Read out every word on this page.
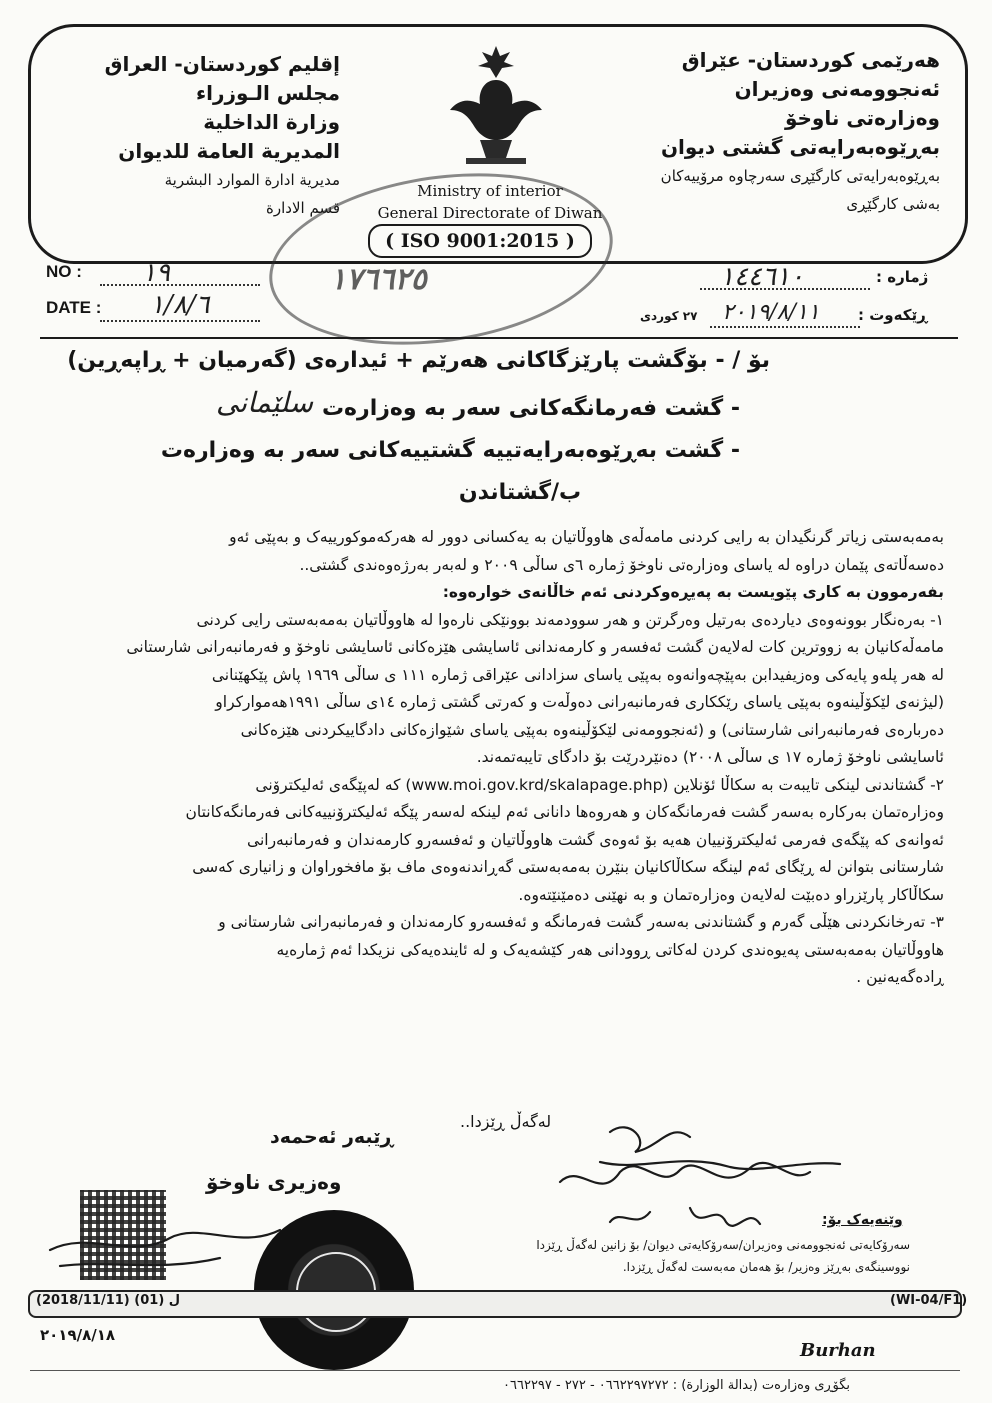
إقليم كوردستان- العراق
مجلس الـوزراء
وزارة الداخلية
المديرية العامة للديوان
مديرية ادارة الموارد البشرية
قسم الادارة
هەرێمی کوردستان- عێراق
ئەنجوومەنی وەزیران
وەزارەتی ناوخۆ
بەڕێوەبەرایەتی گشتی دیوان
بەڕێوەبەرایەتی کارگێڕی سەرچاوە مرۆییەکان
بەشی کارگێڕی
Ministry of interior
General Directorate of Diwan
١٧٦٦٢٥
( ISO 9001:2015 )
NO : ١٩
DATE : ١/٨/٦
ژمارە :
١٤٤٦١٠
ڕێکەوت :
٢٠١٩/٨/١١
٢٧ کوردی
بۆ / - بۆگشت پارێزگاکانی هەرێم + ئیدارەی (گەرمیان + ڕاپەڕین)
- گشت فەرمانگەکانی سەر بە وەزارەت
سلێمانی
- گشت بەڕێوەبەرایەتییە گشتییەکانی سەر بە وەزارەت
ب/گشتاندن
بەمەبەستی زیاتر گرنگیدان بە رایی کردنی مامەڵەی هاووڵاتیان بە یەکسانی دوور لە هەرکەموکورییەک و بەپێی ئەو
دەسەڵاتەی پێمان دراوە لە یاسای وەزارەتی ناوخۆ ژمارە ٦ی ساڵی ٢٠٠٩ و لەبەر بەرژەوەندی گشتی..
بفەرموون بە کاری پێویست بە پەیڕەوکردنی ئەم خاڵانەی خوارەوە:
١- بەرەنگار بوونەوەی دیاردەی بەرتیل وەرگرتن و هەر سوودمەند بوونێکی نارەوا لە هاووڵاتیان بەمەبەستی رایی کردنی
مامەڵەکانیان بە زووترین کات لەلایەن گشت ئەفسەر و کارمەندانی ئاسایشی هێزەکانی ئاسایشی ناوخۆ و فەرمانبەرانی شارستانی
لە هەر پلەو پایەکی وەزیفیدابن بەپێچەوانەوە بەپێی یاسای سزادانی عێراقی ژمارە ١١١ ی ساڵی ١٩٦٩ پاش پێکهێنانی
(لیژنەی لێکۆڵینەوە بەپێی یاسای رێککاری فەرمانبەرانی دەوڵەت و کەرتی گشتی ژمارە ١٤ی ساڵی ١٩٩١هەموارکراو
دەربارەی فەرمانبەرانی شارستانی) و (ئەنجوومەنی لێکۆڵینەوە بەپێی یاسای شێوازەکانی دادگاییکردنی هێزەکانی
ئاسایشی ناوخۆ ژمارە ١٧ ی ساڵی ٢٠٠٨) دەنێردرێت بۆ دادگای تایبەتمەند.
٢- گشتاندنی لینکی تایبەت بە سکاڵا ئۆنلاین (www.moi.gov.krd/skalapage.php) کە لەپێگەی ئەلیکترۆنی
وەزارەتمان بەرکارە بەسەر گشت فەرمانگەکان و هەروەها دانانی ئەم لینکە لەسەر پێگە ئەلیکترۆنییەکانی فەرمانگەکانتان
ئەوانەی کە پێگەی فەرمی ئەلیکترۆنییان هەیە بۆ ئەوەی گشت هاووڵاتیان و ئەفسەرو کارمەندان و فەرمانبەرانی
شارستانی بتوانن لە ڕێگای ئەم لینگە سکاڵاکانیان بنێرن بەمەبەستی گەڕاندنەوەی ماف بۆ مافخوراوان و زانیاری کەسی
سکاڵاکار پارێزراو دەبێت لەلایەن وەزارەتمان و بە نهێنی دەمێنێتەوە.
٣- تەرخانکردنی هێڵی گەرم و گشتاندنی بەسەر گشت فەرمانگە و ئەفسەرو کارمەندان و فەرمانبەرانی شارستانی و
هاووڵاتیان بەمەبەستی پەیوەندی کردن لەکاتی ڕوودانی هەر کێشەیەک و لە ئایندەیەکی نزیکدا ئەم ژمارەیە
ڕادەگەیەنین .
لەگەڵ ڕێزدا..
ڕێبەر ئەحمەد
وەزیری ناوخۆ
وێنەیەک بۆ:
سەرۆکایەتی ئەنجوومەنی وەزیران/سەرۆکایەتی دیوان/ بۆ زانین لەگەڵ ڕێزدا
نووسینگەی بەڕێز وەزیر/ بۆ هەمان مەبەست لەگەڵ ڕێزدا.
(WI-04/F1)
(2018/11/11) ل (01)
٢٠١٩/٨/١٨
Burhan
بگۆڕی وەزارەت (بدالة الوزارة) : ٠٦٦٢٢٩٧٢٧٢ - ٢٧٢ - ٠٦٦٢٢٩٧
